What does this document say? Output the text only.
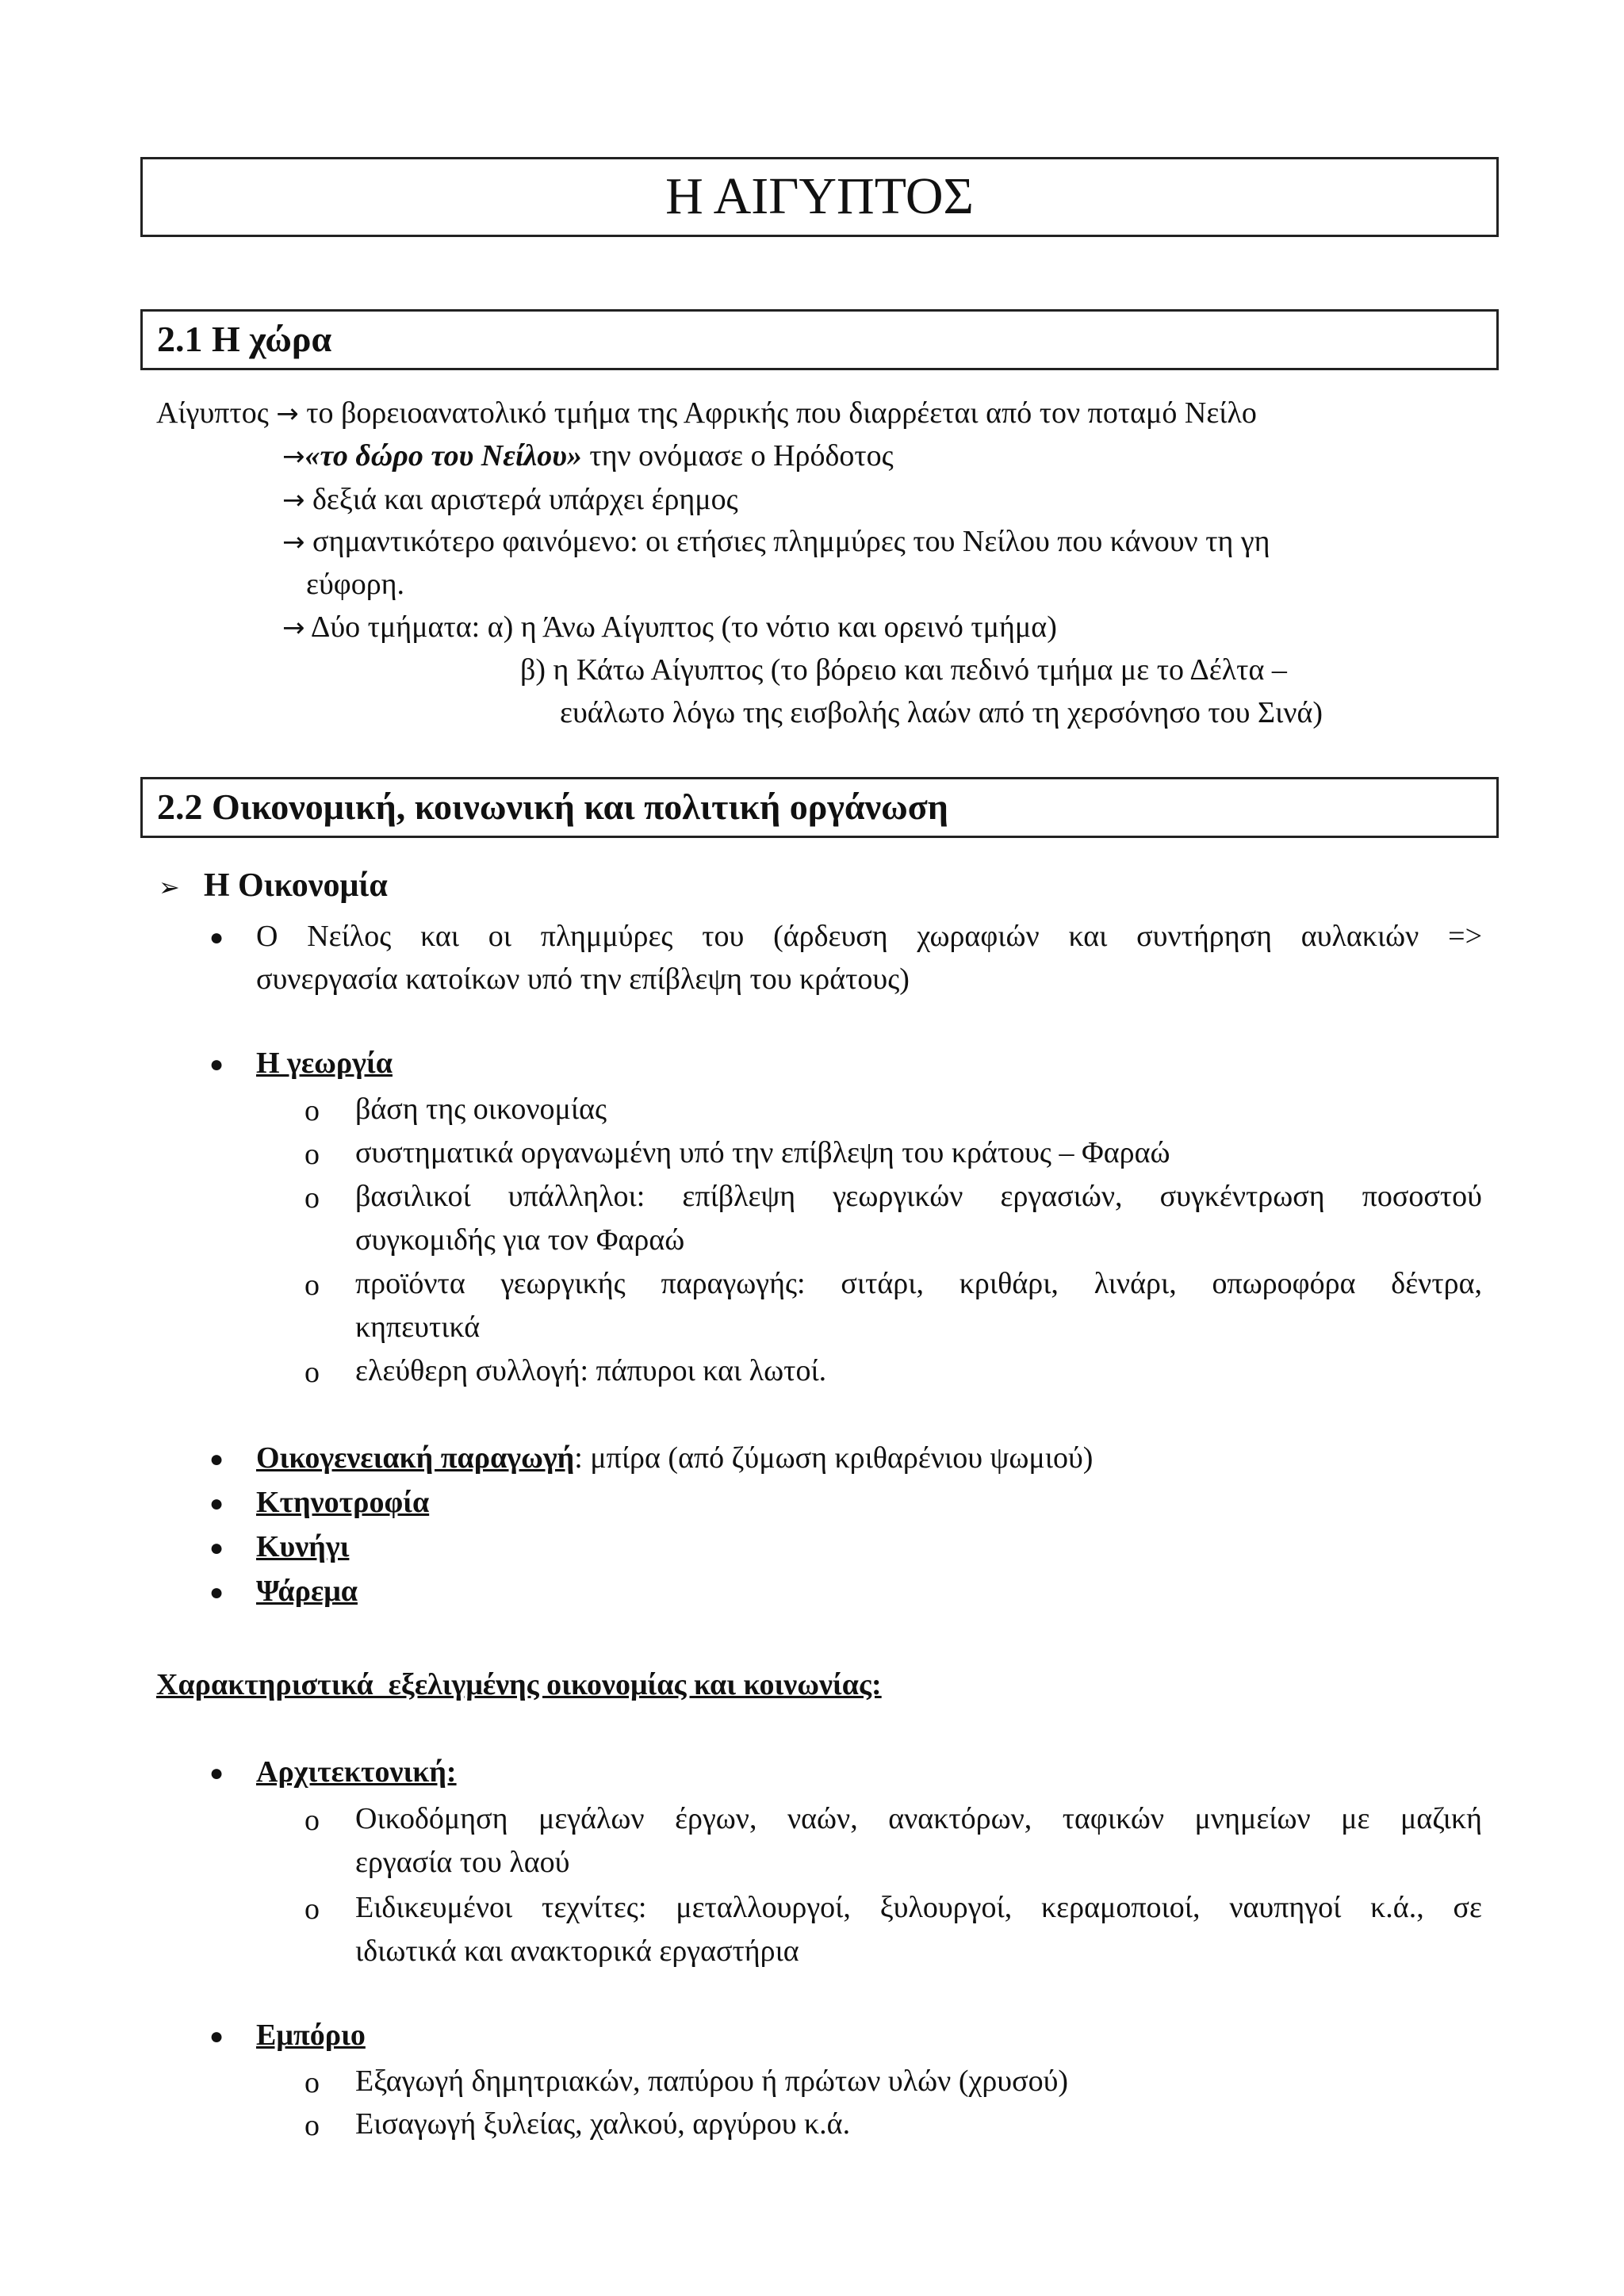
Η ΑΙΓΥΠΤΟΣ
2.1 Η χώρα
Αίγυπτος → το βορειοανατολικό τμήμα της Αφρικής που διαρρέεται από τον ποταμό Νείλο
→«το δώρο του Νείλου» την ονόμασε ο Ηρόδοτος
→ δεξιά και αριστερά υπάρχει έρημος
→ σημαντικότερο φαινόμενο: οι ετήσιες πλημμύρες του Νείλου που κάνουν τη γη
εύφορη.
→ Δύο τμήματα: α) η Άνω Αίγυπτος (το νότιο και ορεινό τμήμα)
β) η Κάτω Αίγυπτος (το βόρειο και πεδινό τμήμα με το Δέλτα –
ευάλωτο λόγω της εισβολής λαών από τη χερσόνησο του Σινά)
2.2 Οικονομική, κοινωνική και πολιτική οργάνωση
➢ Η Οικονομία
● Ο Νείλος και οι πλημμύρες του (άρδευση χωραφιών και συντήρηση αυλακιών =>
συνεργασία κατοίκων υπό την επίβλεψη του κράτους)
● Η γεωργία
o βάση της οικονομίας
o συστηματικά οργανωμένη υπό την επίβλεψη του κράτους – Φαραώ
o βασιλικοί υπάλληλοι: επίβλεψη γεωργικών εργασιών, συγκέντρωση ποσοστού
συγκομιδής για τον Φαραώ
o προϊόντα γεωργικής παραγωγής: σιτάρι, κριθάρι, λινάρι, οπωροφόρα δέντρα,
κηπευτικά
o ελεύθερη συλλογή: πάπυροι και λωτοί.
● Οικογενειακή παραγωγή: μπίρα (από ζύμωση κριθαρένιου ψωμιού)
● Κτηνοτροφία
● Κυνήγι
● Ψάρεμα
Χαρακτηριστικά  εξελιγμένης οικονομίας και κοινωνίας:
● Αρχιτεκτονική:
o Οικοδόμηση μεγάλων έργων, ναών, ανακτόρων, ταφικών μνημείων με μαζική
εργασία του λαού
o Ειδικευμένοι τεχνίτες: μεταλλουργοί, ξυλουργοί, κεραμοποιοί, ναυπηγοί κ.ά., σε
ιδιωτικά και ανακτορικά εργαστήρια
● Εμπόριο
o Εξαγωγή δημητριακών, παπύρου ή πρώτων υλών (χρυσού)
o Εισαγωγή ξυλείας, χαλκού, αργύρου κ.ά.
